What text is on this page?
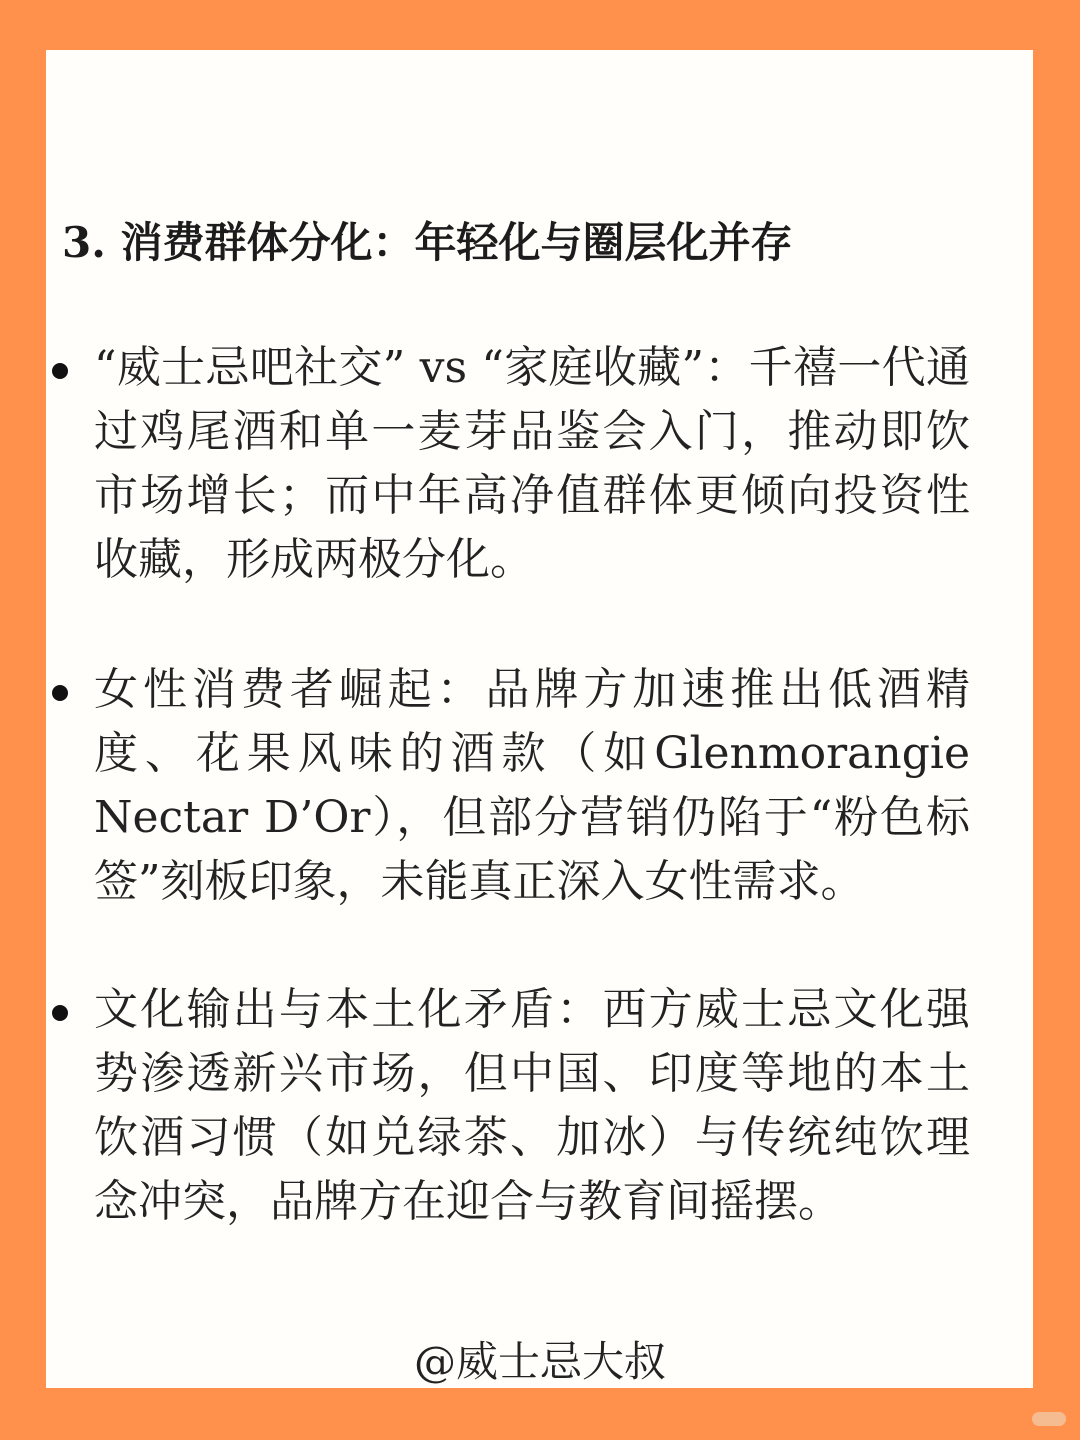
3. 消费群体分化：年轻化与圈层化并存

“威士忌吧社交” vs “家庭收藏”：千禧一代通过鸡尾酒和单一麦芽品鉴会入门，推动即饮市场增长；而中年高净值群体更倾向投资性收藏，形成两极分化。

女性消费者崛起：品牌方加速推出低酒精度、花果风味的酒款（如Glenmorangie Nectar D’Or），但部分营销仍陷于“粉色标签”刻板印象，未能真正深入女性需求。

文化输出与本土化矛盾：西方威士忌文化强势渗透新兴市场，但中国、印度等地的本土饮酒习惯（如兑绿茶、加冰）与传统纯饮理念冲突，品牌方在迎合与教育间摇摆。

@威士忌大叔
